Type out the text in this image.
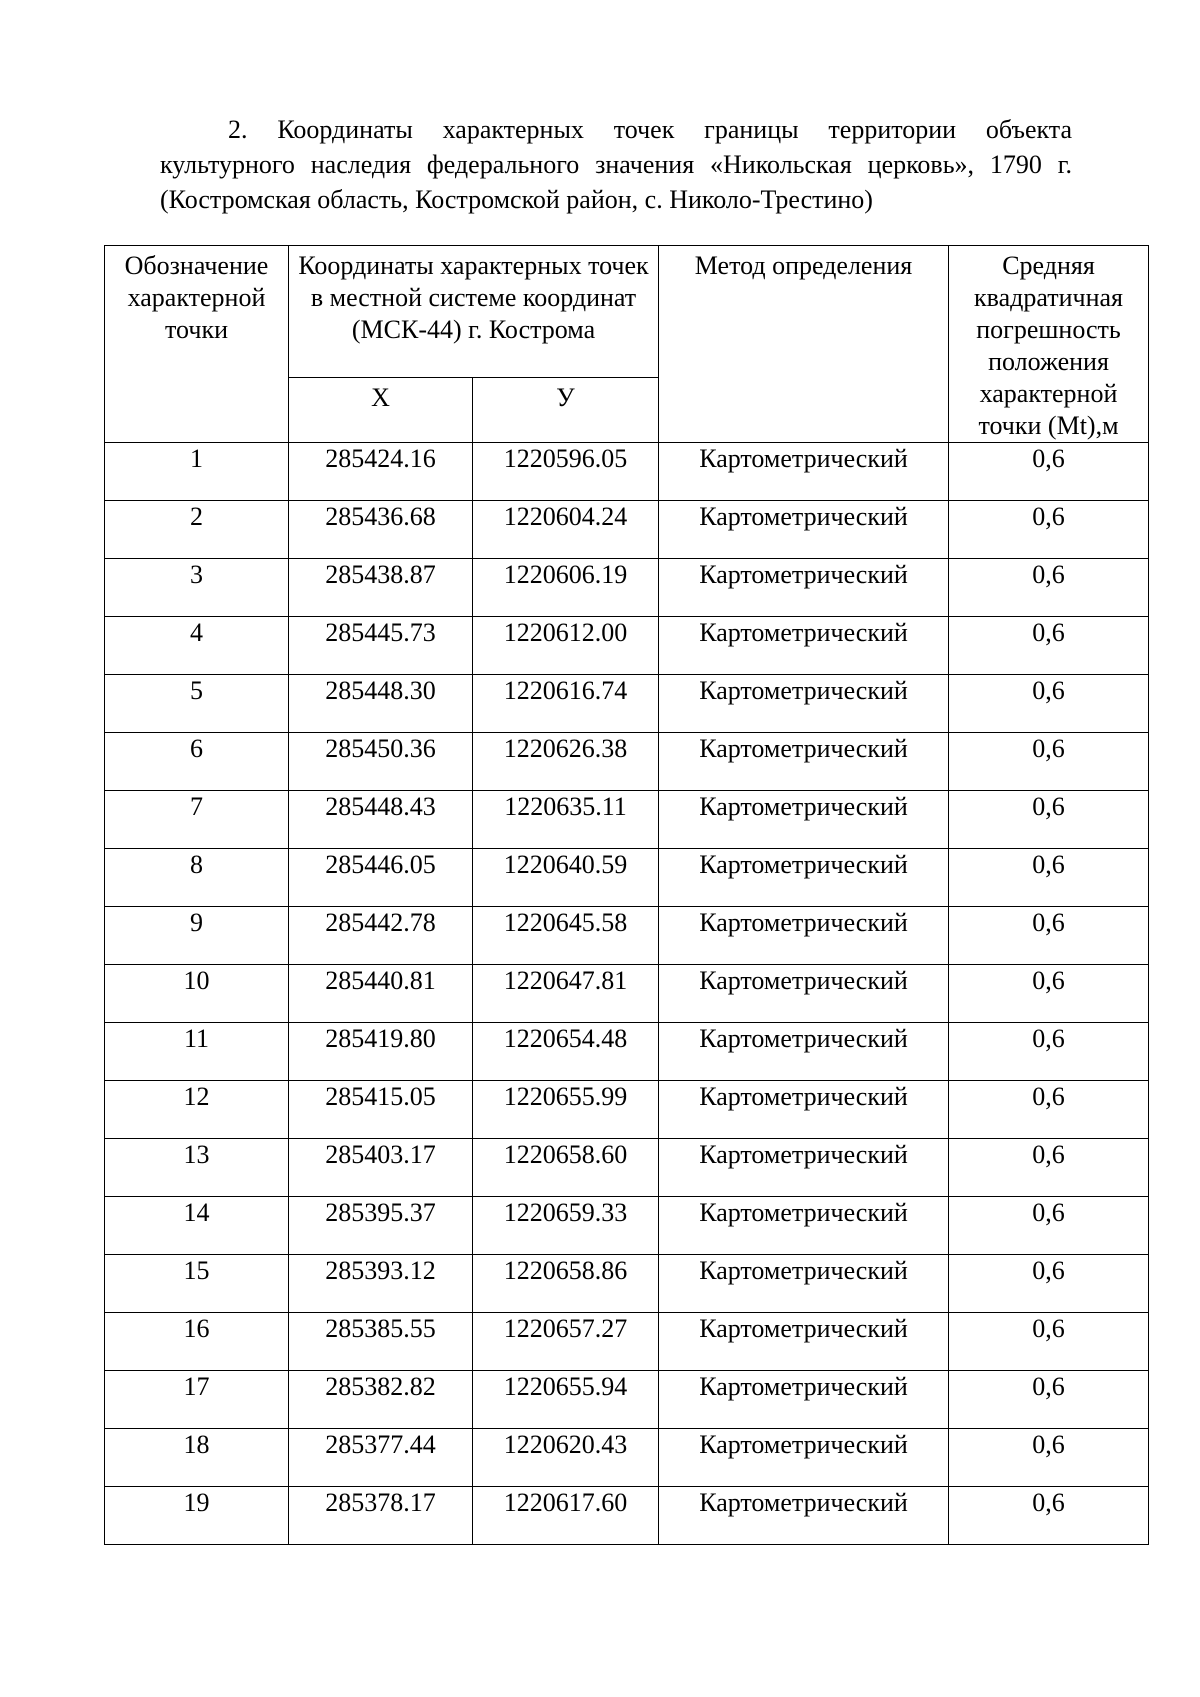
2. Координаты характерных точек границы территории объекта культурного наследия федерального значения «Никольская церковь», 1790 г. (Костромская область, Костромской район, с. Николо-Трестино)

Обозначение характерной точки	Координаты характерных точек в местной системе координат (МСК-44) г. Кострома		Метод определения	Средняя квадратичная погрешность положения характерной точки (Mt),м
	Х	У		
1	285424.16	1220596.05	Картометрический	0,6
2	285436.68	1220604.24	Картометрический	0,6
3	285438.87	1220606.19	Картометрический	0,6
4	285445.73	1220612.00	Картометрический	0,6
5	285448.30	1220616.74	Картометрический	0,6
6	285450.36	1220626.38	Картометрический	0,6
7	285448.43	1220635.11	Картометрический	0,6
8	285446.05	1220640.59	Картометрический	0,6
9	285442.78	1220645.58	Картометрический	0,6
10	285440.81	1220647.81	Картометрический	0,6
11	285419.80	1220654.48	Картометрический	0,6
12	285415.05	1220655.99	Картометрический	0,6
13	285403.17	1220658.60	Картометрический	0,6
14	285395.37	1220659.33	Картометрический	0,6
15	285393.12	1220658.86	Картометрический	0,6
16	285385.55	1220657.27	Картометрический	0,6
17	285382.82	1220655.94	Картометрический	0,6
18	285377.44	1220620.43	Картометрический	0,6
19	285378.17	1220617.60	Картометрический	0,6
